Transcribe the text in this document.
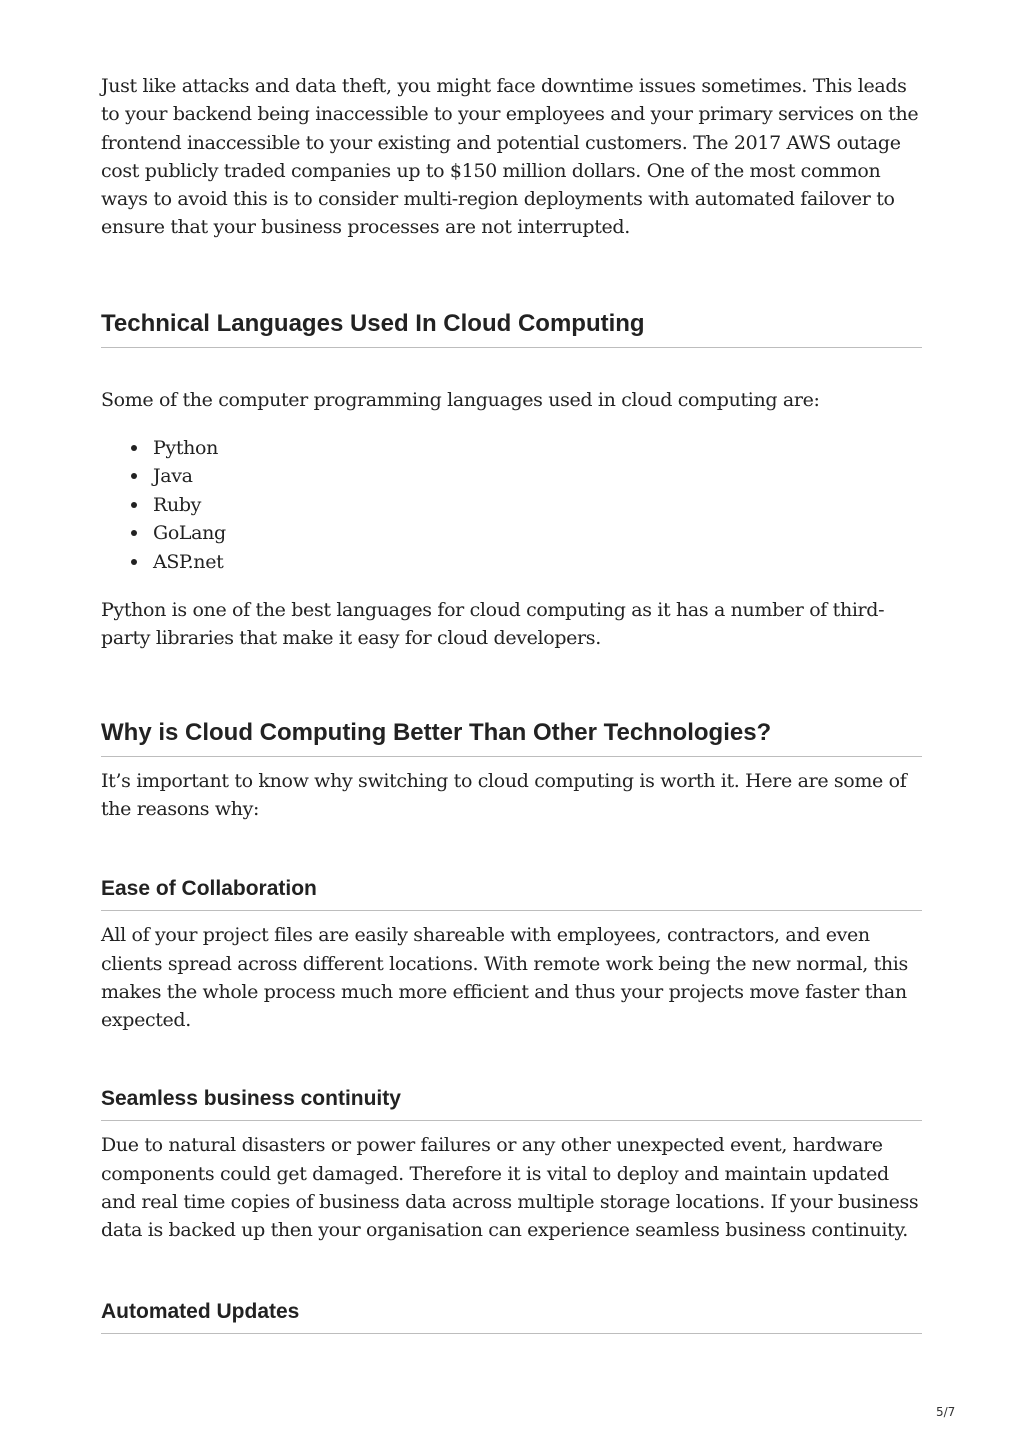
Just like attacks and data theft, you might face downtime issues sometimes. This leads to your backend being inaccessible to your employees and your primary services on the frontend inaccessible to your existing and potential customers. The 2017 AWS outage cost publicly traded companies up to $150 million dollars. One of the most common ways to avoid this is to consider multi-region deployments with automated failover to ensure that your business processes are not interrupted.

Technical Languages Used In Cloud Computing

Some of the computer programming languages used in cloud computing are:

Python
Java
Ruby
GoLang
ASP.net

Python is one of the best languages for cloud computing as it has a number of third-party libraries that make it easy for cloud developers.

Why is Cloud Computing Better Than Other Technologies?

It’s important to know why switching to cloud computing is worth it. Here are some of the reasons why:

Ease of Collaboration

All of your project files are easily shareable with employees, contractors, and even clients spread across different locations. With remote work being the new normal, this makes the whole process much more efficient and thus your projects move faster than expected.

Seamless business continuity

Due to natural disasters or power failures or any other unexpected event, hardware components could get damaged. Therefore it is vital to deploy and maintain updated and real time copies of business data across multiple storage locations. If your business data is backed up then your organisation can experience seamless business continuity.

Automated Updates
5/7
